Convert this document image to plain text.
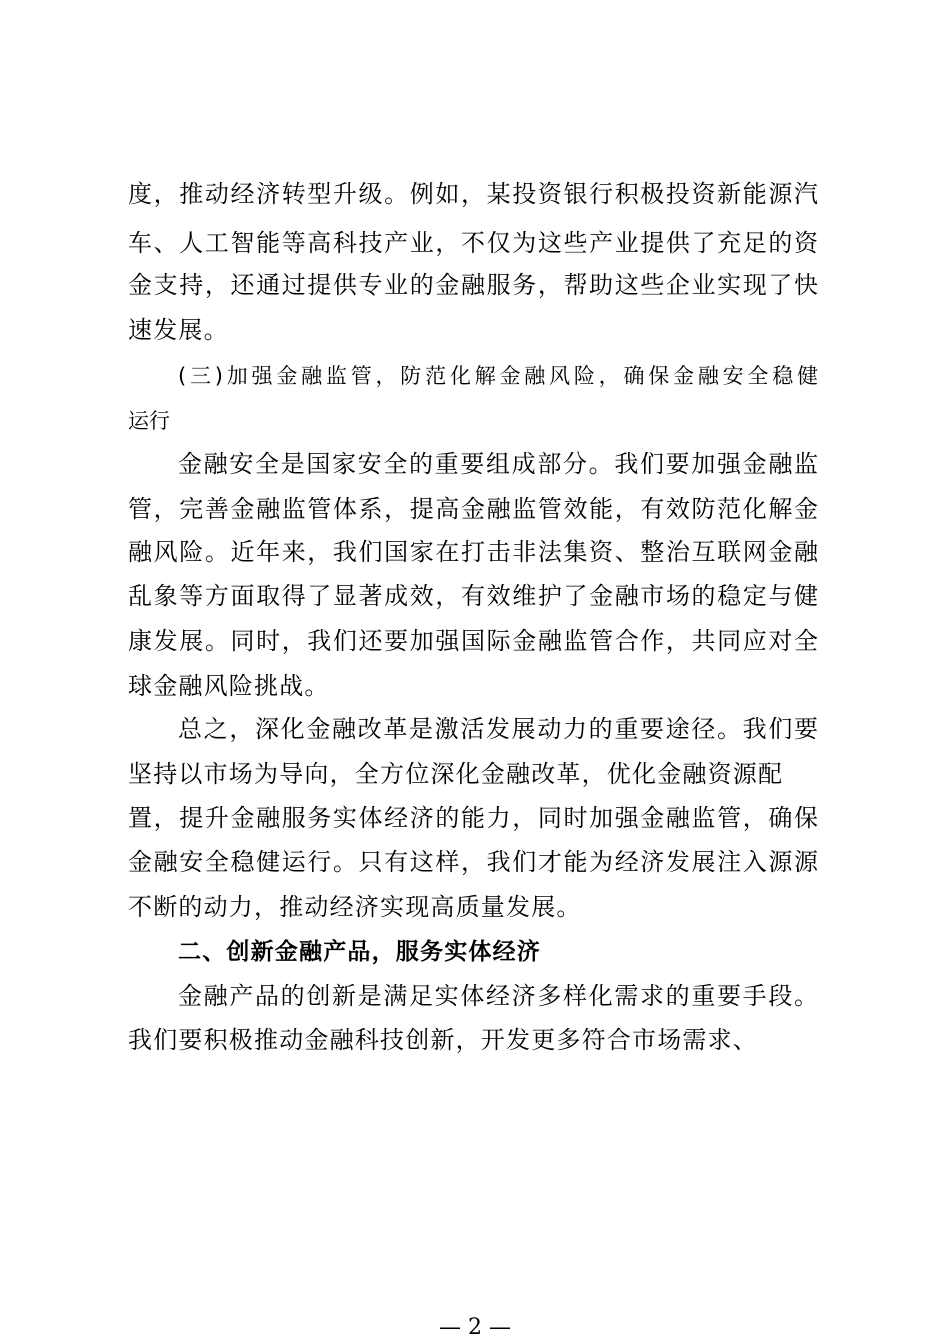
度，推动经济转型升级。例如，某投资银行积极投资新能源汽

车、人工智能等高科技产业，不仅为这些产业提供了充足的资

金支持，还通过提供专业的金融服务，帮助这些企业实现了快

速发展。

(三)加强金融监管，防范化解金融风险，确保金融安全稳健

运行

金融安全是国家安全的重要组成部分。我们要加强金融监

管，完善金融监管体系，提高金融监管效能，有效防范化解金

融风险。近年来，我们国家在打击非法集资、整治互联网金融

乱象等方面取得了显著成效，有效维护了金融市场的稳定与健

康发展。同时，我们还要加强国际金融监管合作，共同应对全

球金融风险挑战。

总之，深化金融改革是激活发展动力的重要途径。我们要

坚持以市场为导向，全方位深化金融改革，优化金融资源配

置，提升金融服务实体经济的能力，同时加强金融监管，确保

金融安全稳健运行。只有这样，我们才能为经济发展注入源源

不断的动力，推动经济实现高质量发展。

二、创新金融产品，服务实体经济

金融产品的创新是满足实体经济多样化需求的重要手段。

我们要积极推动金融科技创新，开发更多符合市场需求、

— 2 —
